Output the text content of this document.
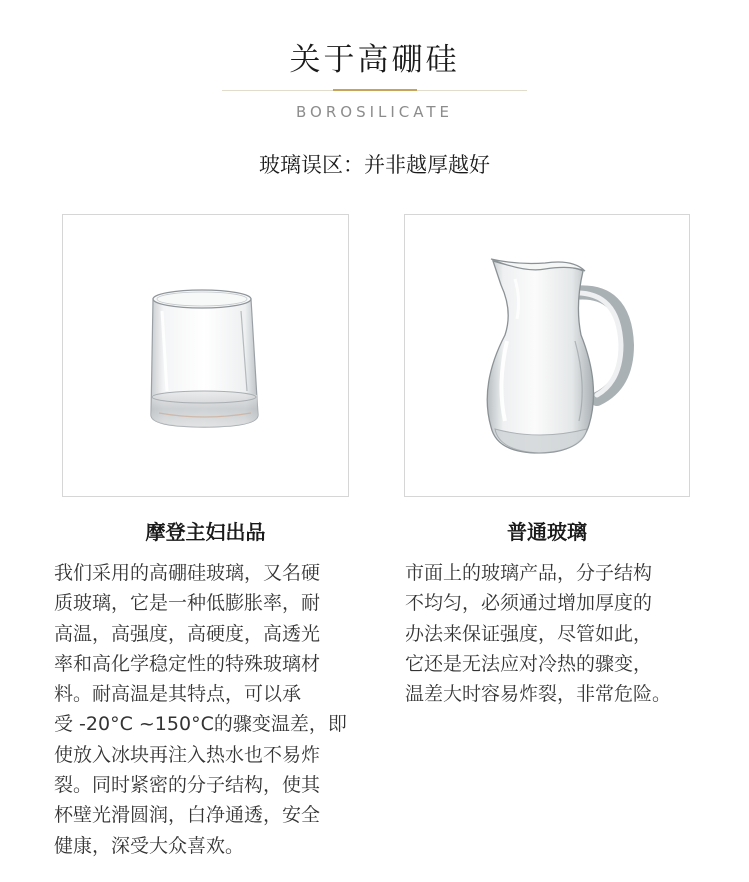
关于高硼硅
BOROSILICATE
玻璃误区：并非越厚越好
摩登主妇出品	普通玻璃
我们采用的高硼硅玻璃，又名硬
质玻璃，它是一种低膨胀率，耐
高温，高强度，高硬度，高透光
率和高化学稳定性的特殊玻璃材
料。耐高温是其特点，可以承
受 -20°C ~150°C的骤变温差，即
使放入冰块再注入热水也不易炸
裂。同时紧密的分子结构，使其
杯壁光滑圆润，白净通透，安全
健康，深受大众喜欢。
市面上的玻璃产品，分子结构
不均匀，必须通过增加厚度的
办法来保证强度，尽管如此，
它还是无法应对冷热的骤变，
温差大时容易炸裂，非常危险。
